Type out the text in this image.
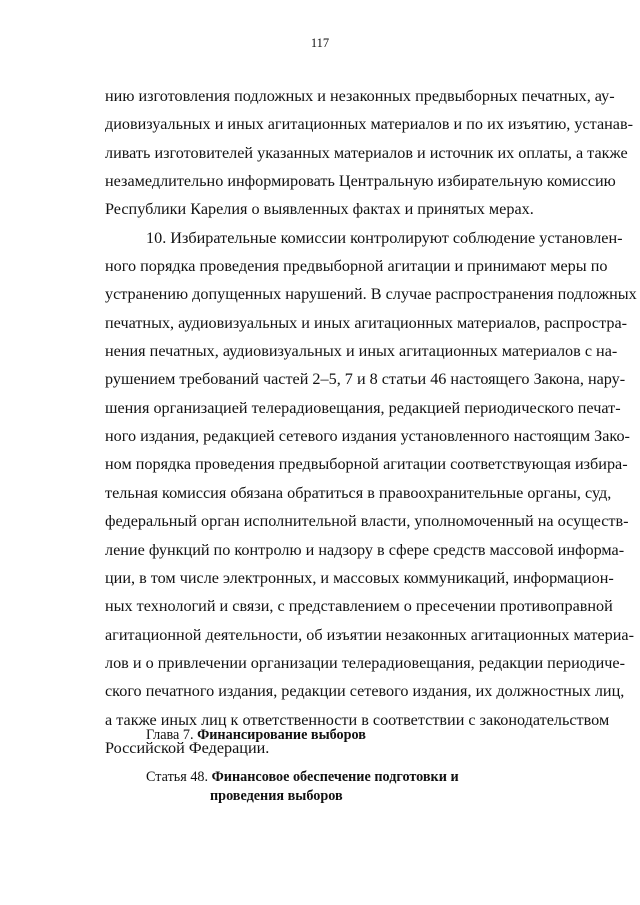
117
нию изготовления подложных и незаконных предвыборных печатных, ау-
диовизуальных и иных агитационных материалов и по их изъятию, устанав-
ливать изготовителей указанных материалов и источник их оплаты, а также
незамедлительно информировать Центральную избирательную комиссию
Республики Карелия о выявленных фактах и принятых мерах.
10. Избирательные комиссии контролируют соблюдение установлен-
ного порядка проведения предвыборной агитации и принимают меры по
устранению допущенных нарушений. В случае распространения подложных
печатных, аудиовизуальных и иных агитационных материалов, распростра-
нения печатных, аудиовизуальных и иных агитационных материалов с на-
рушением требований частей 2–5, 7 и 8 статьи 46 настоящего Закона, нару-
шения организацией телерадиовещания, редакцией периодического печат-
ного издания, редакцией сетевого издания установленного настоящим Зако-
ном порядка проведения предвыборной агитации соответствующая избира-
тельная комиссия обязана обратиться в правоохранительные органы, суд,
федеральный орган исполнительной власти, уполномоченный на осуществ-
ление функций по контролю и надзору в сфере средств массовой информа-
ции, в том числе электронных, и массовых коммуникаций, информацион-
ных технологий и связи, с представлением о пресечении противоправной
агитационной деятельности, об изъятии незаконных агитационных материа-
лов и о привлечении организации телерадиовещания, редакции периодиче-
ского печатного издания, редакции сетевого издания, их должностных лиц,
а также иных лиц к ответственности в соответствии с законодательством
Российской Федерации.
Глава 7. Финансирование выборов
Статья 48. Финансовое обеспечение подготовки и
проведения выборов
